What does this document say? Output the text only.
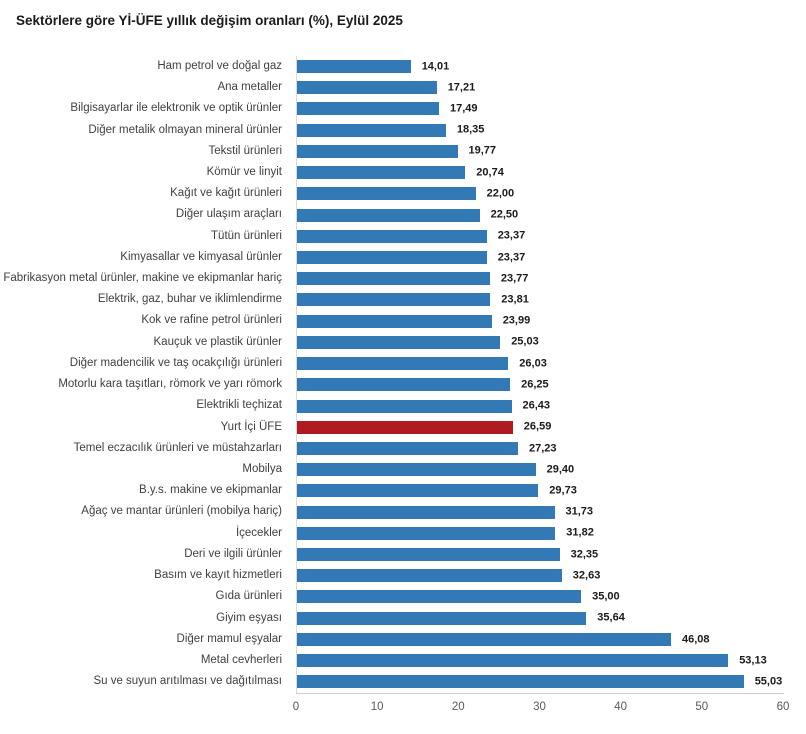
Sektörlere göre Yİ-ÜFE yıllık değişim oranları (%), Eylül 2025
Ham petrol ve doğal gaz	14,01
Ana metaller	17,21
Bilgisayarlar ile elektronik ve optik ürünler	17,49
Diğer metalik olmayan mineral ürünler	18,35
Tekstil ürünleri	19,77
Kömür ve linyit	20,74
Kağıt ve kağıt ürünleri	22,00
Diğer ulaşım araçları	22,50
Tütün ürünleri	23,37
Kimyasallar ve kimyasal ürünler	23,37
Fabrikasyon metal ürünler, makine ve ekipmanlar hariç	23,77
Elektrik, gaz, buhar ve iklimlendirme	23,81
Kok ve rafine petrol ürünleri	23,99
Kauçuk ve plastik ürünler	25,03
Diğer madencilik ve taş ocakçılığı ürünleri	26,03
Motorlu kara taşıtları, römork ve yarı römork	26,25
Elektrikli teçhizat	26,43
Yurt İçi ÜFE	26,59
Temel eczacılık ürünleri ve müstahzarları	27,23
Mobilya	29,40
B.y.s. makine ve ekipmanlar	29,73
Ağaç ve mantar ürünleri (mobilya hariç)	31,73
İçecekler	31,82
Deri ve ilgili ürünler	32,35
Basım ve kayıt hizmetleri	32,63
Gıda ürünleri	35,00
Giyim eşyası	35,64
Diğer mamul eşyalar	46,08
Metal cevherleri	53,13
Su ve suyun arıtılması ve dağıtılması	55,03
0	10	20	30	40	50	60
